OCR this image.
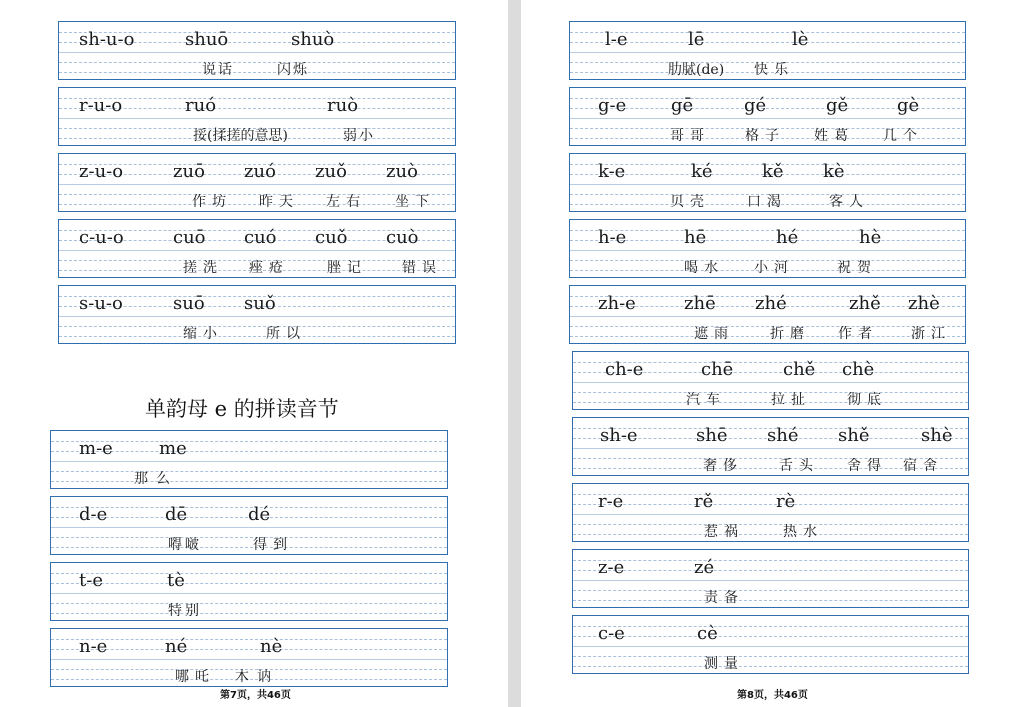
sh-u-o	shuō	shuò
说话	闪烁
r-u-o	ruó	ruò
挼(揉搓的意思)	弱小
z-u-o	zuō zuó zuǒ zuò
作坊 昨天 左右 坐下
c-u-o	cuō cuó cuǒ cuò
搓洗 痤疮	脞记	错误
s-u-o	suō suǒ
缩小	所以
单韵母 e 的拼读音节
m-e	me
那么
d-e	dē	dé
嘚啵	得到
t-e	tè
特别
n-e	né	nè
哪吒 木讷
第7页，共46页
l-e	lē	lè
肋脦(de) 快乐
g-e gē	gé	gě	gè
哥哥	格子 姓葛 几个
k-e	ké	kě kè
贝壳	口渴	客人
h-e	hē	hé	hè
喝水 小河	祝贺
zh-e	zhē zhé	zhě zhè
遮雨	折磨 作者 浙江
ch-e	chē	chě chè
汽车	拉扯	彻底
sh-e	shē shé shě	shè
奢侈	舌头 舍得 宿舍
r-e	rě	rè
惹祸	热水
z-e	zé
责备
c-e	cè
测量
第8页，共46页
